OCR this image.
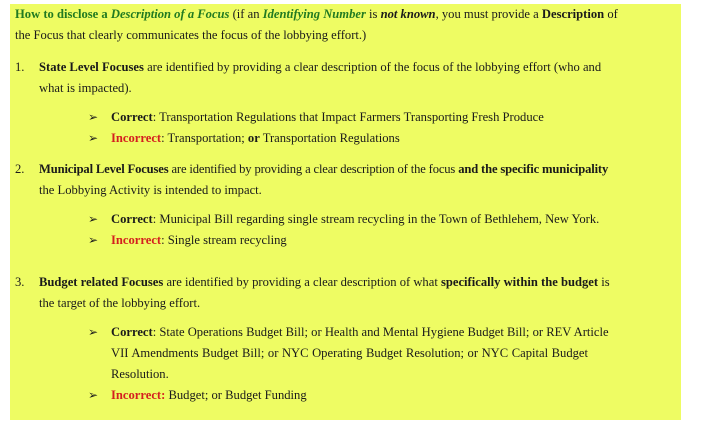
How to disclose a Description of a Focus (if an Identifying Number is not known, you must provide a Description of
the Focus that clearly communicates the focus of the lobbying effort.)
1. State Level Focuses are identified by providing a clear description of the focus of the lobbying effort (who and
what is impacted).
➢ Correct: Transportation Regulations that Impact Farmers Transporting Fresh Produce
➢ Incorrect: Transportation; or Transportation Regulations
2. Municipal Level Focuses are identified by providing a clear description of the focus and the specific municipality
the Lobbying Activity is intended to impact.
➢ Correct: Municipal Bill regarding single stream recycling in the Town of Bethlehem, New York.
➢ Incorrect: Single stream recycling
3. Budget related Focuses are identified by providing a clear description of what specifically within the budget is
the target of the lobbying effort.
➢ Correct: State Operations Budget Bill; or Health and Mental Hygiene Budget Bill; or REV Article
VII Amendments Budget Bill; or NYC Operating Budget Resolution; or NYC Capital Budget
Resolution.
➢ Incorrect: Budget; or Budget Funding
